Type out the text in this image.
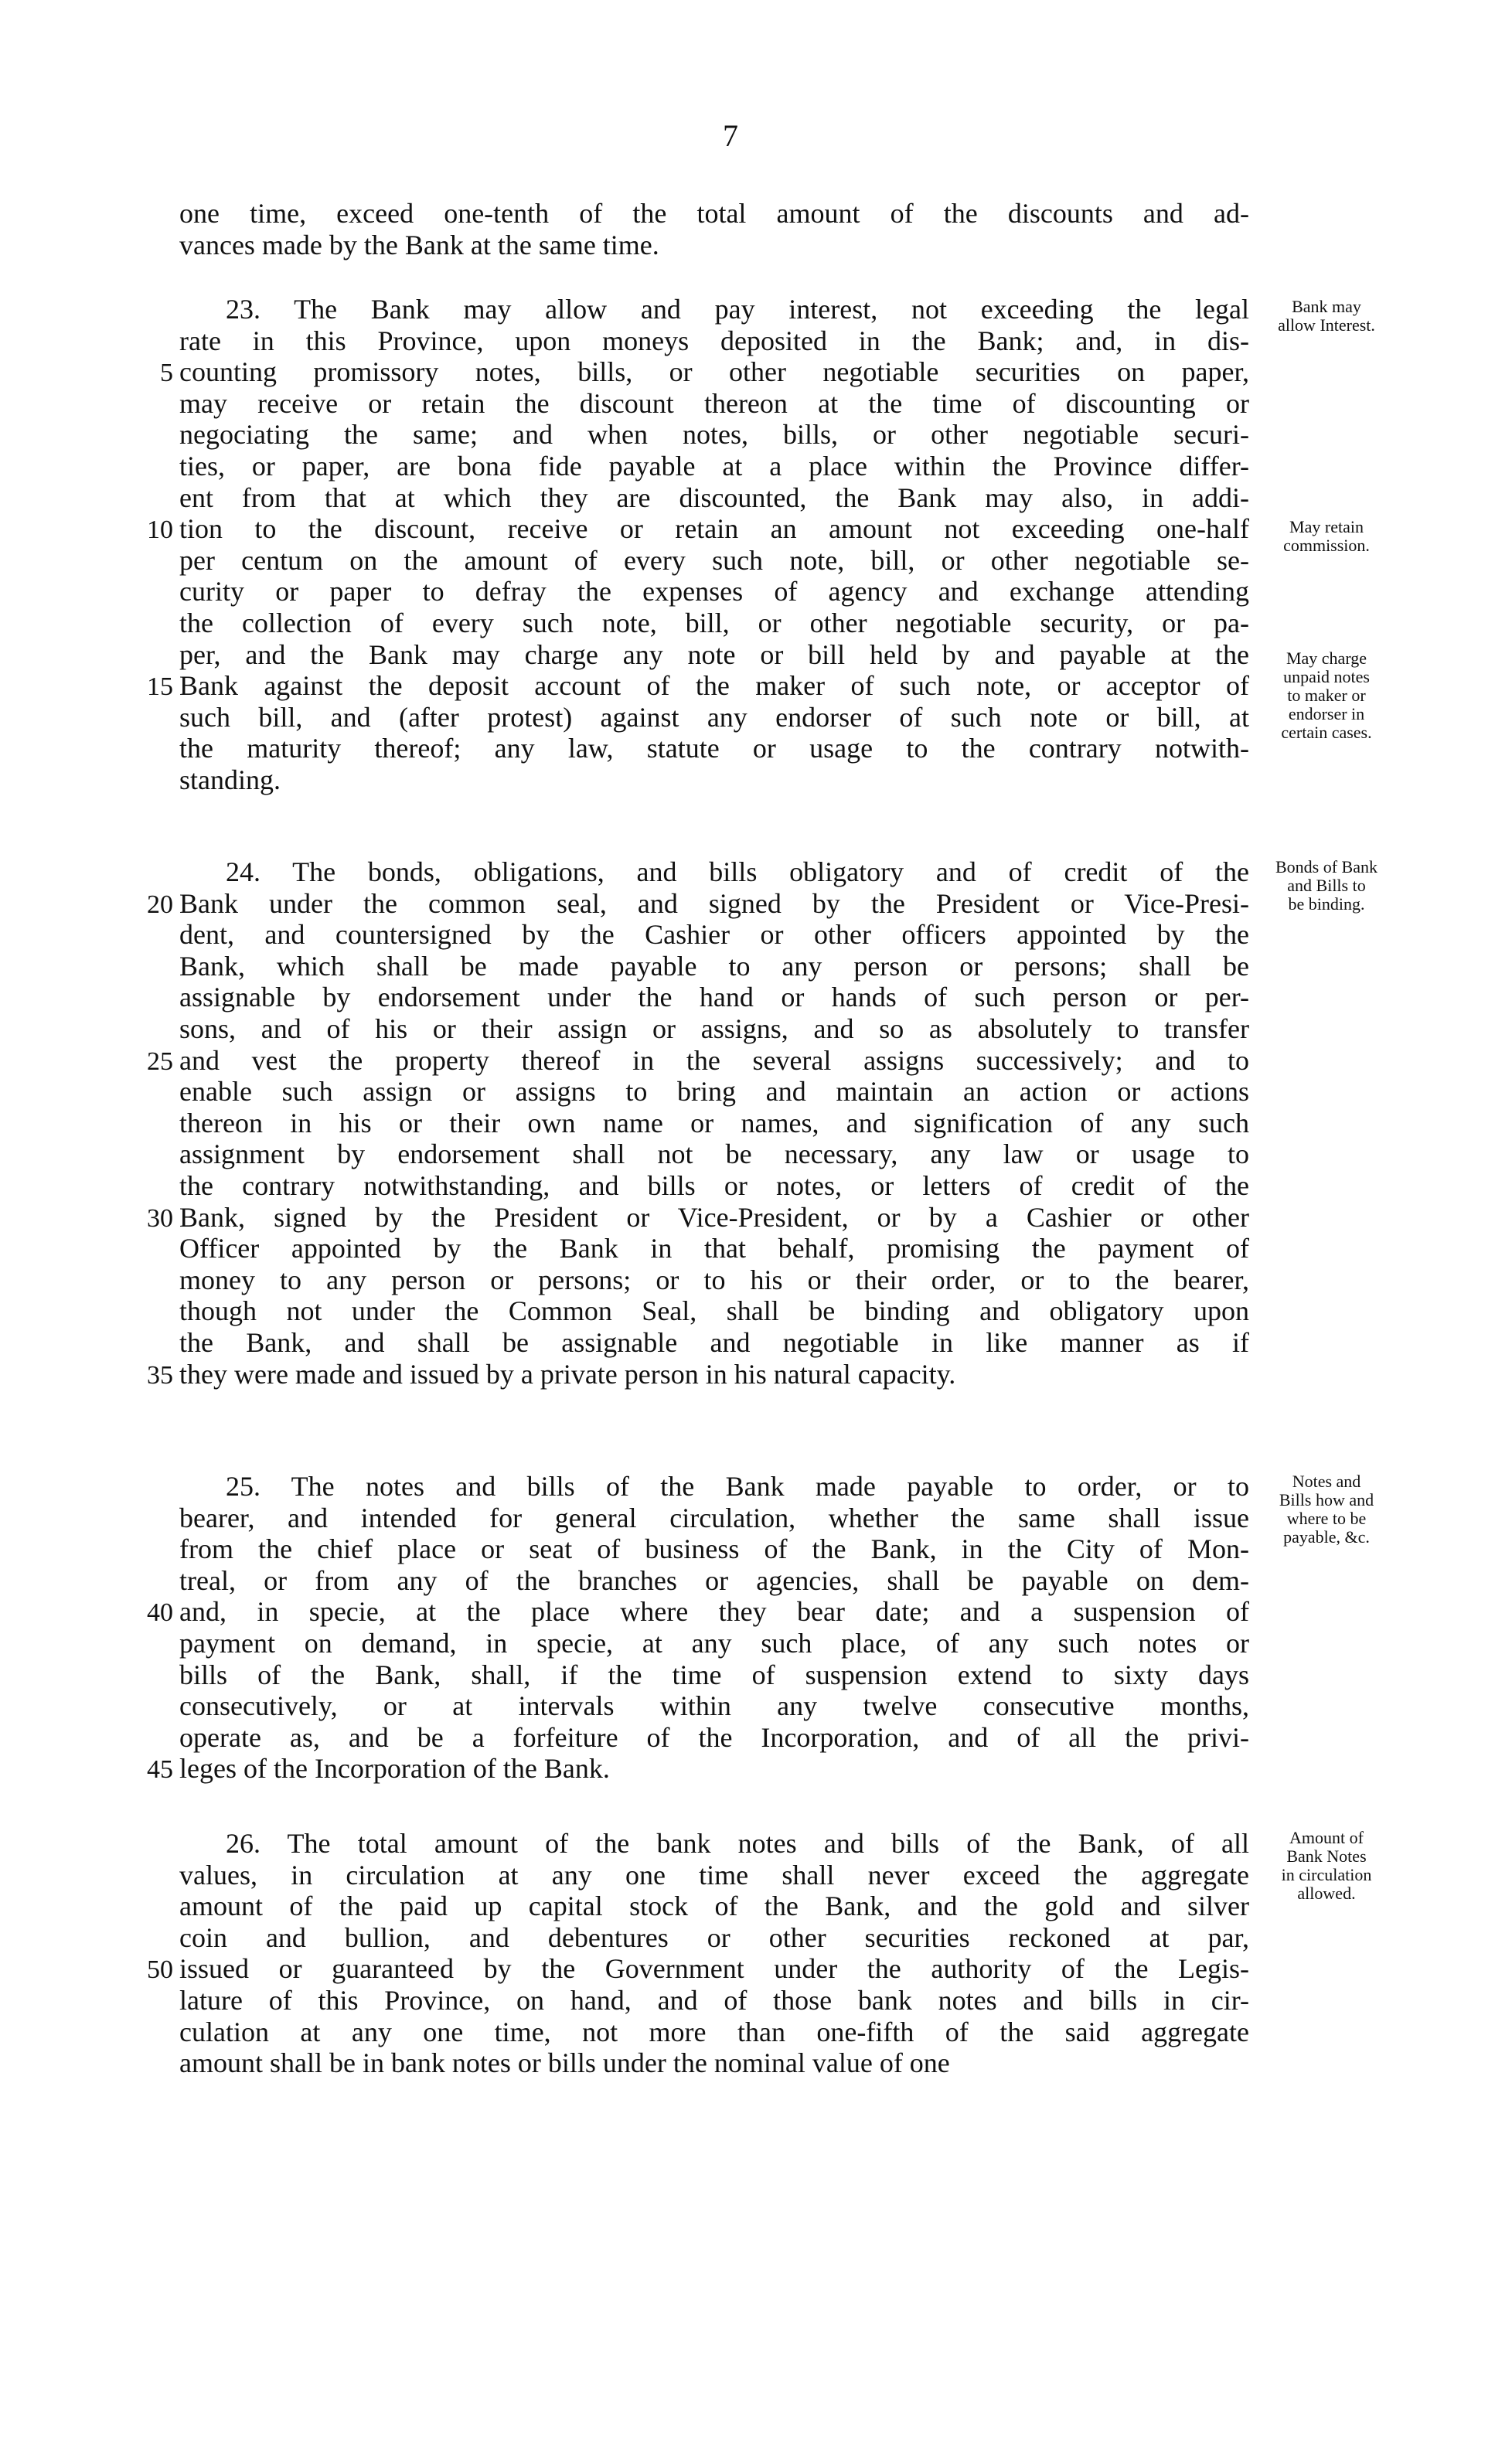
7
one time, exceed one-tenth of the total amount of the discounts and ad-
vances made by the Bank at the same time.
23. The Bank may allow and pay interest, not exceeding the legal
rate in this Province, upon moneys deposited in the Bank; and, in dis-
counting promissory notes, bills, or other negotiable securities on paper,
5
may receive or retain the discount thereon at the time of discounting or
negociating the same; and when notes, bills, or other negotiable securi-
ties, or paper, are bona fide payable at a place within the Province differ-
ent from that at which they are discounted, the Bank may also, in addi-
tion to the discount, receive or retain an amount not exceeding one-half
10
per centum on the amount of every such note, bill, or other negotiable se-
curity or paper to defray the expenses of agency and exchange attending
the collection of every such note, bill, or other negotiable security, or pa-
per, and the Bank may charge any note or bill held by and payable at the
Bank against the deposit account of the maker of such note, or acceptor of
15
such bill, and (after protest) against any endorser of such note or bill, at
the maturity thereof; any law, statute or usage to the contrary notwith-
standing.
Bank may
allow Interest.
May retain
commission.
May charge
unpaid notes
to maker or
endorser in
certain cases.
24. The bonds, obligations, and bills obligatory and of credit of the
Bank under the common seal, and signed by the President or Vice-Presi-
20
dent, and countersigned by the Cashier or other officers appointed by the
Bank, which shall be made payable to any person or persons; shall be
assignable by endorsement under the hand or hands of such person or per-
sons, and of his or their assign or assigns, and so as absolutely to transfer
and vest the property thereof in the several assigns successively; and to
25
enable such assign or assigns to bring and maintain an action or actions
thereon in his or their own name or names, and signification of any such
assignment by endorsement shall not be necessary, any law or usage to
the contrary notwithstanding, and bills or notes, or letters of credit of the
Bank, signed by the President or Vice-President, or by a Cashier or other
30
Officer appointed by the Bank in that behalf, promising the payment of
money to any person or persons; or to his or their order, or to the bearer,
though not under the Common Seal, shall be binding and obligatory upon
the Bank, and shall be assignable and negotiable in like manner as if
they were made and issued by a private person in his natural capacity.
35
Bonds of Bank
and Bills to
be binding.
25. The notes and bills of the Bank made payable to order, or to
bearer, and intended for general circulation, whether the same shall issue
from the chief place or seat of business of the Bank, in the City of Mon-
treal, or from any of the branches or agencies, shall be payable on dem-
and, in specie, at the place where they bear date; and a suspension of
40
payment on demand, in specie, at any such place, of any such notes or
bills of the Bank, shall, if the time of suspension extend to sixty days
consecutively, or at intervals within any twelve consecutive months,
operate as, and be a forfeiture of the Incorporation, and of all the privi-
leges of the Incorporation of the Bank.
45
Notes and
Bills how and
where to be
payable, &c.
26. The total amount of the bank notes and bills of the Bank, of all
values, in circulation at any one time shall never exceed the aggregate
amount of the paid up capital stock of the Bank, and the gold and silver
coin and bullion, and debentures or other securities reckoned at par,
issued or guaranteed by the Government under the authority of the Legis-
50
lature of this Province, on hand, and of those bank notes and bills in cir-
culation at any one time, not more than one-fifth of the said aggregate
amount shall be in bank notes or bills under the nominal value of one
Amount of
Bank Notes
in circulation
allowed.
